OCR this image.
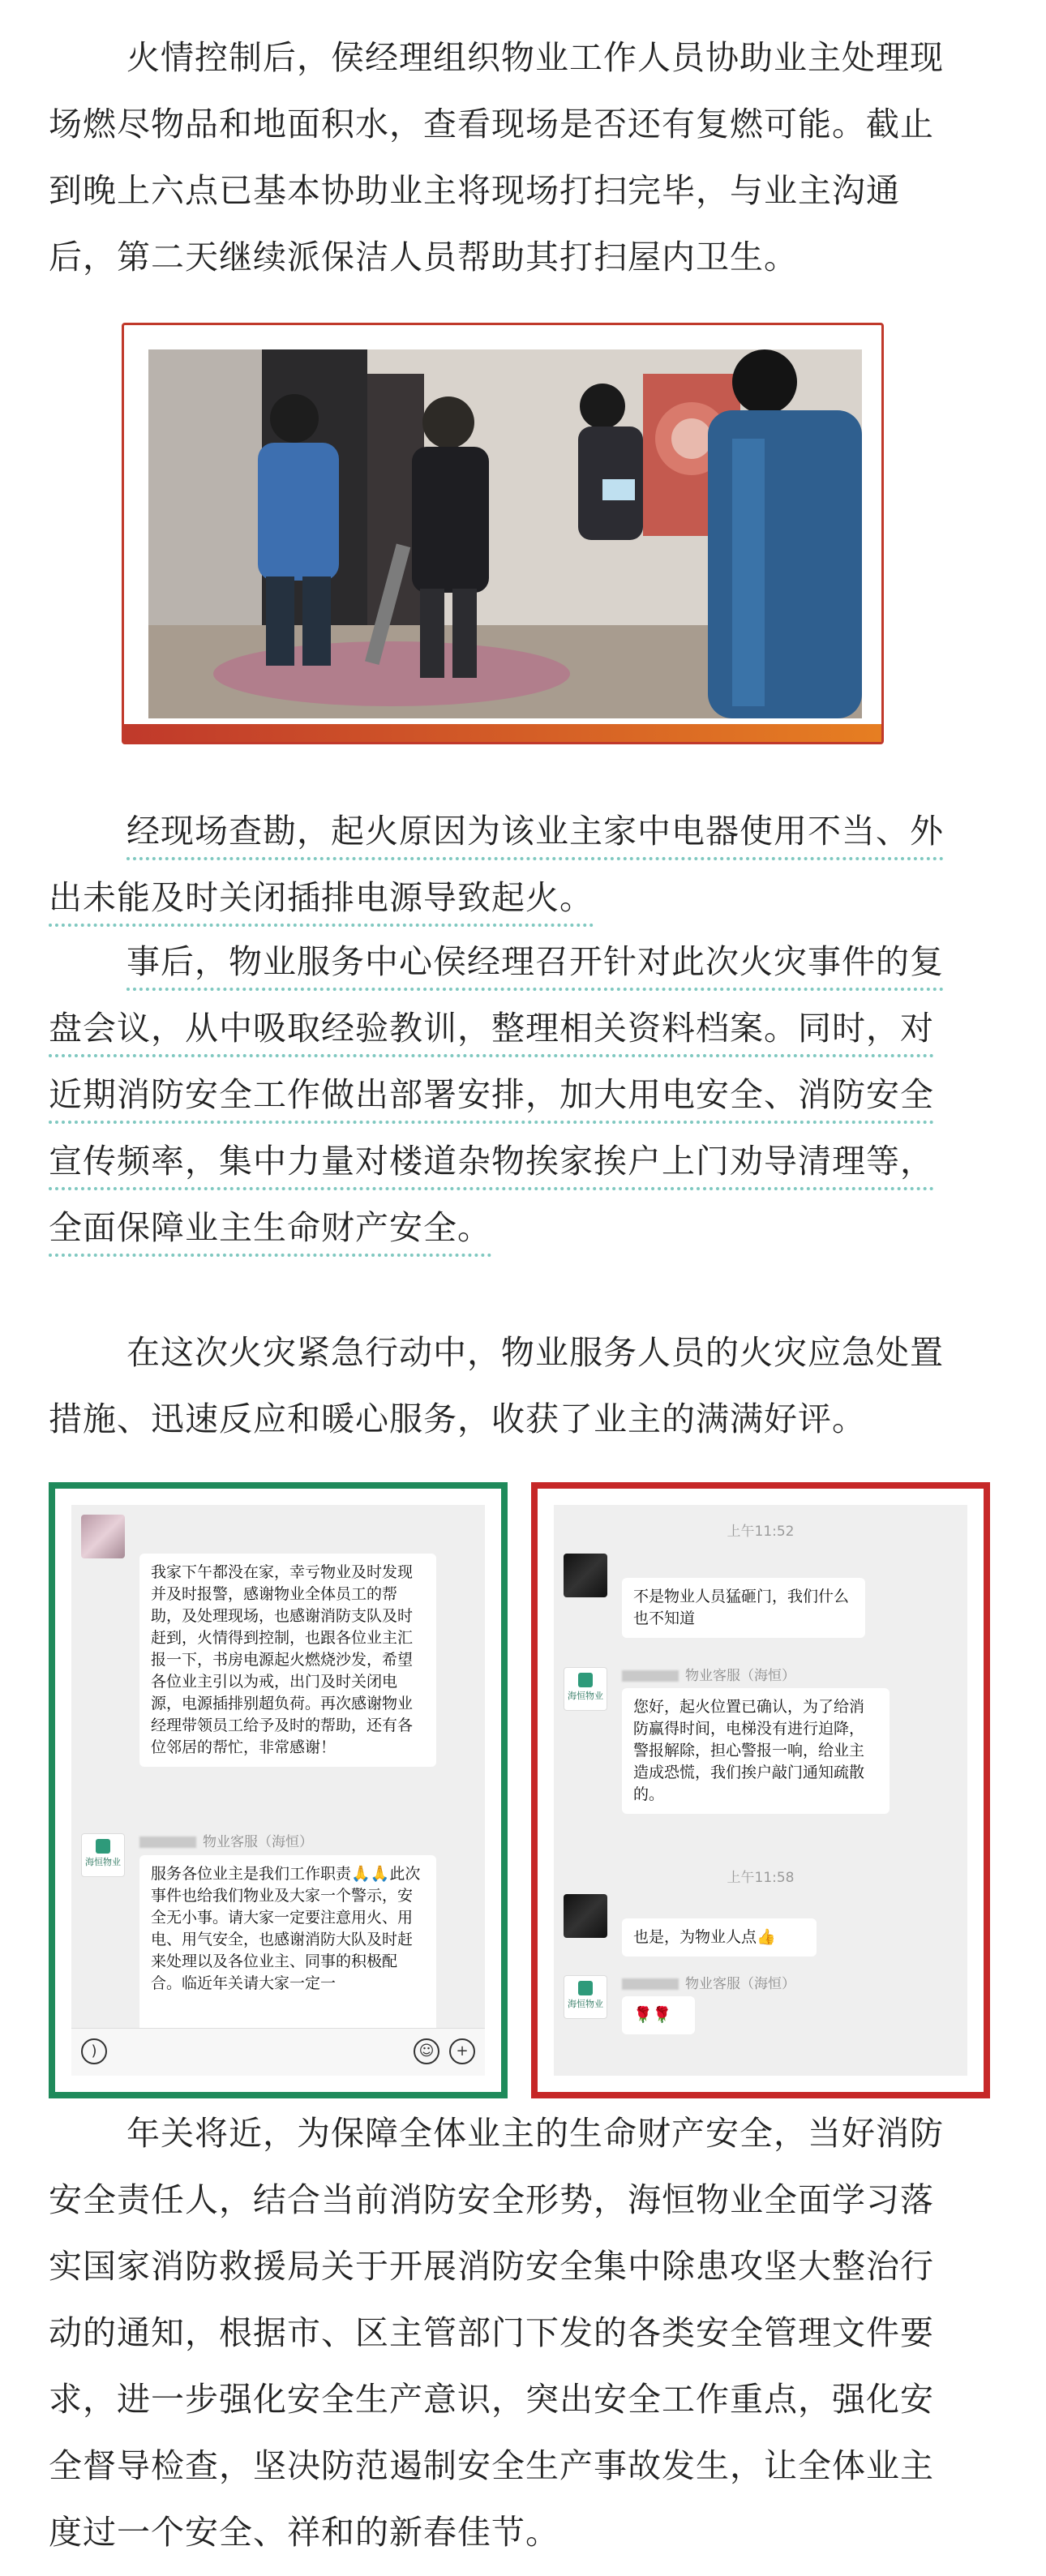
火情控制后，侯经理组织物业工作人员协助业主处理现
场燃尽物品和地面积水，查看现场是否还有复燃可能。截止
到晚上六点已基本协助业主将现场打扫完毕，与业主沟通
后，第二天继续派保洁人员帮助其打扫屋内卫生。
经现场查勘，起火原因为该业主家中电器使用不当、外
出未能及时关闭插排电源导致起火。
事后，物业服务中心侯经理召开针对此次火灾事件的复
盘会议，从中吸取经验教训，整理相关资料档案。同时，对
近期消防安全工作做出部署安排，加大用电安全、消防安全
宣传频率，集中力量对楼道杂物挨家挨户上门劝导清理等，
全面保障业主生命财产安全。
在这次火灾紧急行动中，物业服务人员的火灾应急处置
措施、迅速反应和暖心服务，收获了业主的满满好评。
我家下午都没在家，幸亏物业及时发现并及时报警，感谢物业全体员工的帮助，及处理现场，也感谢消防支队及时赶到，火情得到控制，也跟各位业主汇报一下，书房电源起火燃烧沙发，希望各位业主引以为戒，出门及时关闭电源，电源插排别超负荷。再次感谢物业经理带领员工给予及时的帮助，还有各位邻居的帮忙，非常感谢！
海恒物业
物业客服（海恒）
服务各位业主是我们工作职责🙏🙏此次事件也给我们物业及大家一个警示，安全无小事。请大家一定要注意用火、用电、用气安全，也感谢消防大队及时赶来处理以及各位业主、同事的积极配合。临近年关请大家一定一
)	☺	+
上午11:52
不是物业人员猛砸门，我们什么也不知道
海恒物业
物业客服（海恒）
您好，起火位置已确认，为了给消防赢得时间，电梯没有进行迫降，警报解除，担心警报一响，给业主造成恐慌，我们挨户敲门通知疏散的。
上午11:58
也是，为物业人点👍
海恒物业
物业客服（海恒）
🌹🌹
年关将近，为保障全体业主的生命财产安全，当好消防
安全责任人，结合当前消防安全形势，海恒物业全面学习落
实国家消防救援局关于开展消防安全集中除患攻坚大整治行
动的通知，根据市、区主管部门下发的各类安全管理文件要
求，进一步强化安全生产意识，突出安全工作重点，强化安
全督导检查，坚决防范遏制安全生产事故发生，让全体业主
度过一个安全、祥和的新春佳节。
